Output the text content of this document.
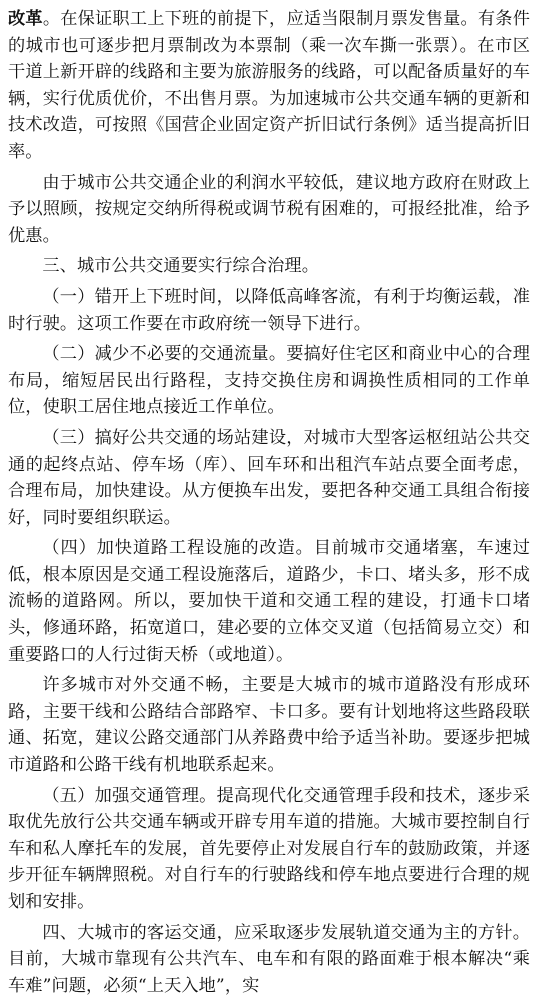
改革。在保证职工上下班的前提下，应适当限制月票发售量。有条件的城市也可逐步把月票制改为本票制（乘一次车撕一张票）。在市区干道上新开辟的线路和主要为旅游服务的线路，可以配备质量好的车辆，实行优质优价，不出售月票。为加速城市公共交通车辆的更新和技术改造，可按照《国营企业固定资产折旧试行条例》适当提高折旧率。

由于城市公共交通企业的利润水平较低，建议地方政府在财政上予以照顾，按规定交纳所得税或调节税有困难的，可报经批准，给予优惠。

三、城市公共交通要实行综合治理。

（一）错开上下班时间，以降低高峰客流，有利于均衡运载，准时行驶。这项工作要在市政府统一领导下进行。

（二）减少不必要的交通流量。要搞好住宅区和商业中心的合理布局，缩短居民出行路程，支持交换住房和调换性质相同的工作单位，使职工居住地点接近工作单位。

（三）搞好公共交通的场站建设，对城市大型客运枢纽站公共交通的起终点站、停车场（库）、回车环和出租汽车站点要全面考虑，合理布局，加快建设。从方便换车出发，要把各种交通工具组合衔接好，同时要组织联运。

（四）加快道路工程设施的改造。目前城市交通堵塞，车速过低，根本原因是交通工程设施落后，道路少，卡口、堵头多，形不成流畅的道路网。所以，要加快干道和交通工程的建设，打通卡口堵头，修通环路，拓宽道口，建必要的立体交叉道（包括简易立交）和重要路口的人行过街天桥（或地道）。

许多城市对外交通不畅，主要是大城市的城市道路没有形成环路，主要干线和公路结合部路窄、卡口多。要有计划地将这些路段联通、拓宽，建议公路交通部门从养路费中给予适当补助。要逐步把城市道路和公路干线有机地联系起来。

（五）加强交通管理。提高现代化交通管理手段和技术，逐步采取优先放行公共交通车辆或开辟专用车道的措施。大城市要控制自行车和私人摩托车的发展，首先要停止对发展自行车的鼓励政策，并逐步开征车辆牌照税。对自行车的行驶路线和停车地点要进行合理的规划和安排。

四、大城市的客运交通，应采取逐步发展轨道交通为主的方针。目前，大城市靠现有公共汽车、电车和有限的路面难于根本解决“乘车难”问题，必须“上天入地”，实
